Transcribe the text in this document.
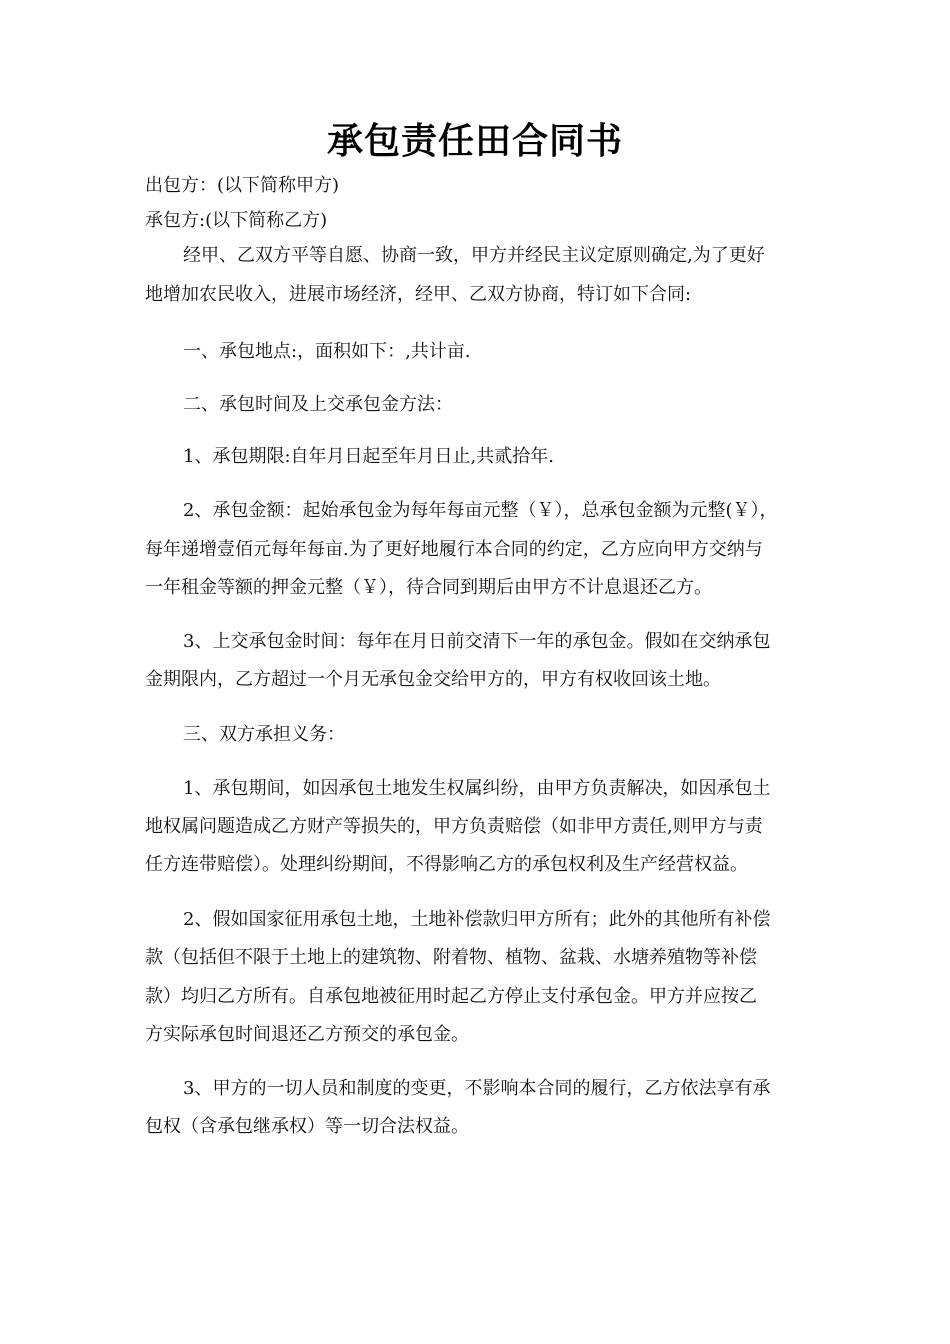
承包责任田合同书
出包方：(以下简称甲方)
承包方:(以下简称乙方)
经甲、乙双方平等自愿、协商一致，甲方并经民主议定原则确定,为了更好
地增加农民收入，进展市场经济，经甲、乙双方协商，特订如下合同:
一、承包地点:，面积如下：,共计亩.
二、承包时间及上交承包金方法：
1、承包期限:自年月日起至年月日止,共贰拾年.
2、承包金额：起始承包金为每年每亩元整（￥），总承包金额为元整(￥），
每年递增壹佰元每年每亩.为了更好地履行本合同的约定，乙方应向甲方交纳与
一年租金等额的押金元整（￥），待合同到期后由甲方不计息退还乙方。
3、上交承包金时间：每年在月日前交清下一年的承包金。假如在交纳承包
金期限内，乙方超过一个月无承包金交给甲方的，甲方有权收回该土地。
三、双方承担义务：
1、承包期间，如因承包土地发生权属纠纷，由甲方负责解决，如因承包土
地权属问题造成乙方财产等损失的，甲方负责赔偿（如非甲方责任,则甲方与责
任方连带赔偿）。处理纠纷期间，不得影响乙方的承包权利及生产经营权益。
2、假如国家征用承包土地，土地补偿款归甲方所有；此外的其他所有补偿
款（包括但不限于土地上的建筑物、附着物、植物、盆栽、水塘养殖物等补偿
款）均归乙方所有。自承包地被征用时起乙方停止支付承包金。甲方并应按乙
方实际承包时间退还乙方预交的承包金。
3、甲方的一切人员和制度的变更，不影响本合同的履行，乙方依法享有承
包权（含承包继承权）等一切合法权益。
